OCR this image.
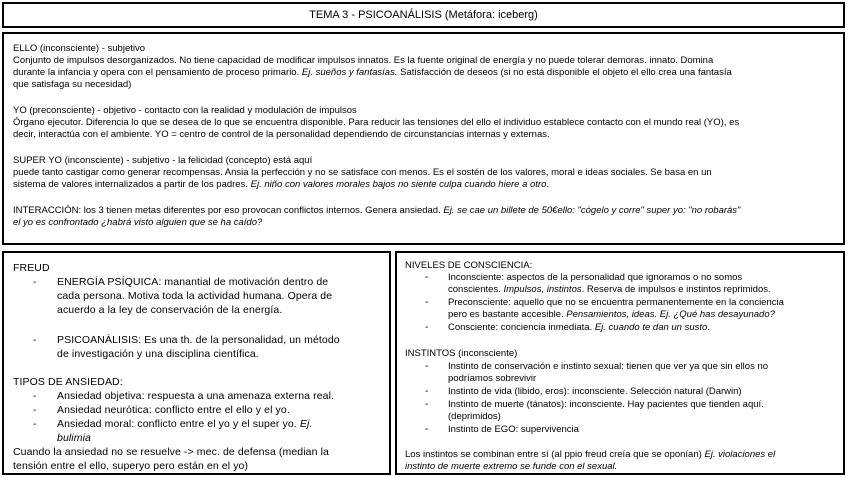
TEMA 3 - PSICOANÁLISIS (Metáfora: iceberg)
ELLO (inconsciente) - subjetivo
Conjunto de impulsos desorganizados. No tiene capacidad de modificar impulsos innatos. Es la fuente original de energía y no puede tolerar demoras. innato. Domina
durante la infancia y opera con el pensamiento de proceso primario. Ej. sueños y fantasías. Satisfacción de deseos (si no está disponible el objeto el ello crea una fantasía
que satisfaga su necesidad)
YO (preconsciente) - objetivo - contacto con la realidad y modulación de impulsos
Órgano ejecutor. Diferencia lo que se desea de lo que se encuentra disponible. Para reducir las tensiones del ello el individuo establece contacto con el mundo real (YO), es
decir, interactúa con el ambiente. YO = centro de control de la personalidad dependiendo de circunstancias internas y externas.
SUPER YO (inconsciente) - subjetivo - la felicidad (concepto) está aquí
puede tanto castigar como generar recompensas. Ansia la perfección y no se satisface con menos. Es el sostén de los valores, moral e ideas sociales. Se basa en un
sistema de valores internalizados a partir de los padres. Ej. niño con valores morales bajos no siente culpa cuando hiere a otro.
INTERACCIÓN: los 3 tienen metas diferentes por eso provocan conflictos internos. Genera ansiedad. Ej. se cae un billete de 50€ello: "cógelo y corre" super yo: "no robarás"
el yo es confrontado ¿habrá visto alguien que se ha caído?
FREUD
- ENERGÍA PSÍQUICA: manantial de motivación dentro de
cada persona. Motiva toda la actividad humana. Opera de
acuerdo a la ley de conservación de la energía.
- PSICOANÁLISIS: Es una th. de la personalidad, un método
de investigación y una disciplina científica.
TIPOS DE ANSIEDAD:
- Ansiedad objetiva: respuesta a una amenaza externa real.
- Ansiedad neurótica: conflicto entre el ello y el yo.
- Ansiedad moral: conflicto entre el yo y el super yo. Ej.
bulimia
Cuando la ansiedad no se resuelve -> mec. de defensa (median la
tensión entre el ello, superyo pero están en el yo)
NIVELES DE CONSCIENCIA:
- Inconsciente: aspectos de la personalidad que ignoramos o no somos
conscientes. Impulsos, instintos. Reserva de impulsos e instintos reprimidos.
- Preconsciente: aquello que no se encuentra permanentemente en la conciencia
pero es bastante accesible. Pensamientos, ideas. Ej. ¿Qué has desayunado?
- Consciente: conciencia inmediata. Ej. cuando te dan un susto.
INSTINTOS (inconsciente)
- Instinto de conservación e instinto sexual: tienen que ver ya que sin ellos no
podríamos sobrevivir
- Instinto de vida (libido, eros): inconsciente. Selección natural (Darwin)
- Instinto de muerte (tánatos): inconsciente. Hay pacientes que tienden aquí.
(deprimidos)
- Instinto de EGO: supervivencia
Los instintos se combinan entre sí (al ppio freud creía que se oponían) Ej. violaciones el
instinto de muerte extremo se funde con el sexual.
